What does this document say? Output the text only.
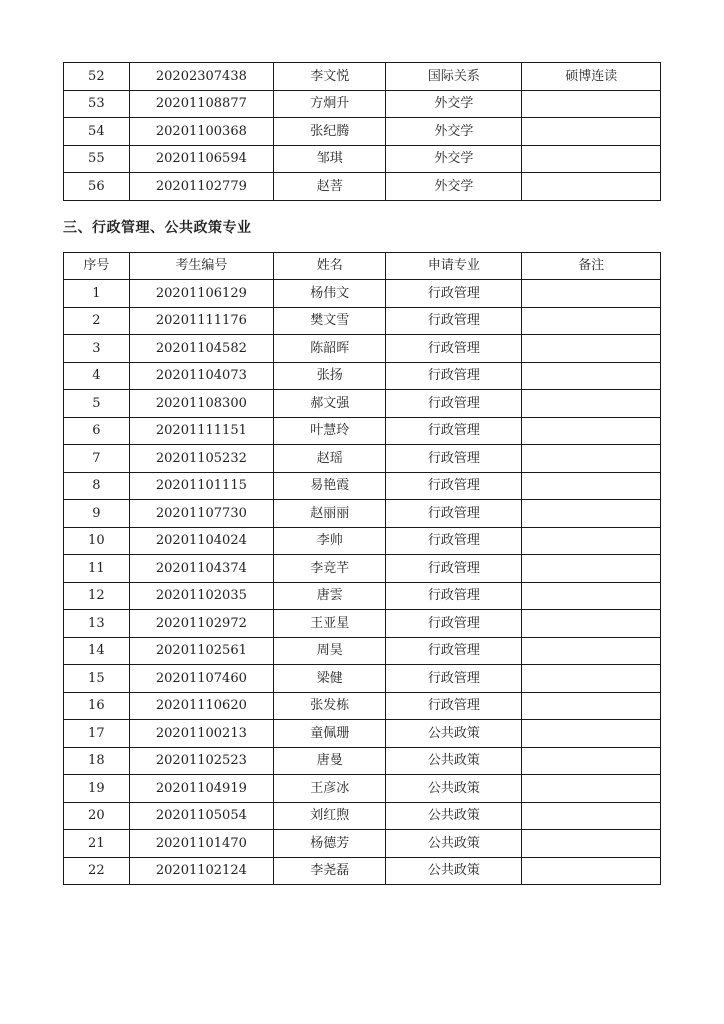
52	20202307438	李文悦	国际关系	硕博连读
53	20201108877	方炯升	外交学	
54	20201100368	张纪腾	外交学	
55	20201106594	邹琪	外交学	
56	20201102779	赵菩	外交学	
三、行政管理、公共政策专业
序号	考生编号	姓名	申请专业	备注
1	20201106129	杨伟文	行政管理	
2	20201111176	樊文雪	行政管理	
3	20201104582	陈韶晖	行政管理	
4	20201104073	张扬	行政管理	
5	20201108300	郝文强	行政管理	
6	20201111151	叶慧玲	行政管理	
7	20201105232	赵瑶	行政管理	
8	20201101115	易艳霞	行政管理	
9	20201107730	赵丽丽	行政管理	
10	20201104024	李帅	行政管理	
11	20201104374	李竞芊	行政管理	
12	20201102035	唐雲	行政管理	
13	20201102972	王亚星	行政管理	
14	20201102561	周昊	行政管理	
15	20201107460	梁健	行政管理	
16	20201110620	张发栋	行政管理	
17	20201100213	童佩珊	公共政策	
18	20201102523	唐曼	公共政策	
19	20201104919	王彦冰	公共政策	
20	20201105054	刘红煦	公共政策	
21	20201101470	杨德芳	公共政策	
22	20201102124	李尧磊	公共政策	
